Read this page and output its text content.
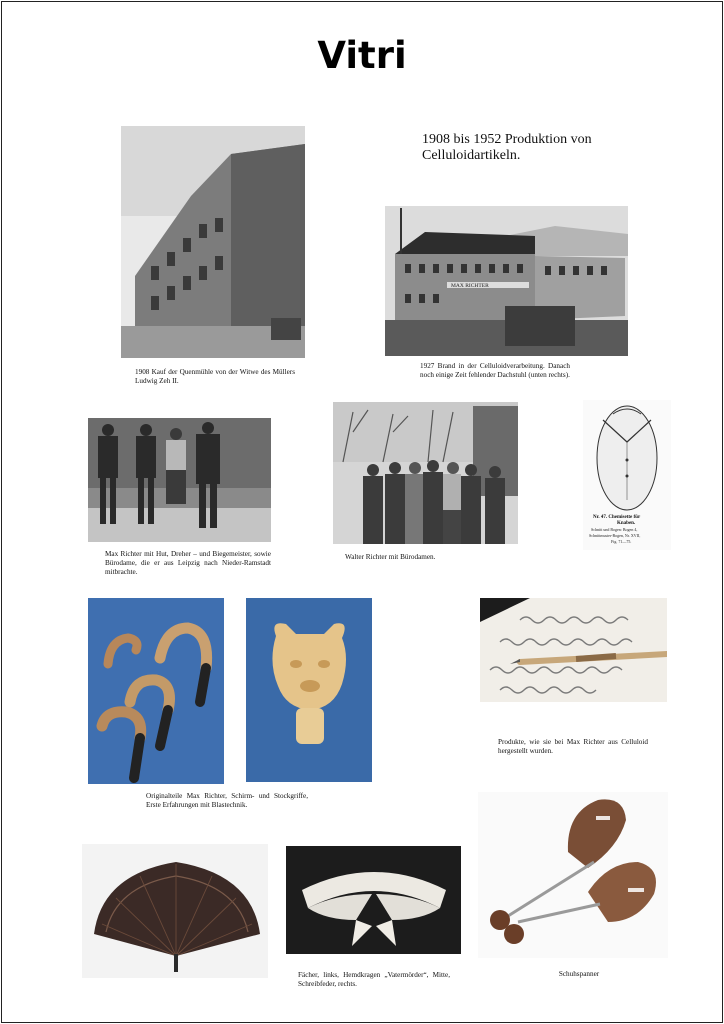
Vitri
1908 bis 1952 Produktion von Celluloidartikeln.
1908 Kauf der Quenmühle von der Witwe des Müllers Ludwig Zeh II.
MAX RICHTER
1927 Brand in der Celluloidverarbeitung. Danach noch einige Zeit fehlender Dachstuhl (unten rechts).
Max Richter mit Hut, Dreher – und Biegemeister, sowie Bürodame, die er aus Leipzig nach Nieder-Ramstadt mitbrachte.
Walter Richter mit Bürodamen.
Nr. 47. Chemisette für
Knaben.
Schnitt und Bogen: Bogen 4,
Schnittmuster-Bogen, Nr. XVII,
Fig. 71—75.
Originalteile Max Richter, Schirm- und Stockgriffe, Erste Erfahrungen mit Blastechnik.
Produkte, wie sie bei Max Richter aus Celluloid hergestellt wurden.
Fächer, links, Hemdkragen „Vatermörder“, Mitte, Schreibfeder, rechts.
Schuhspanner
